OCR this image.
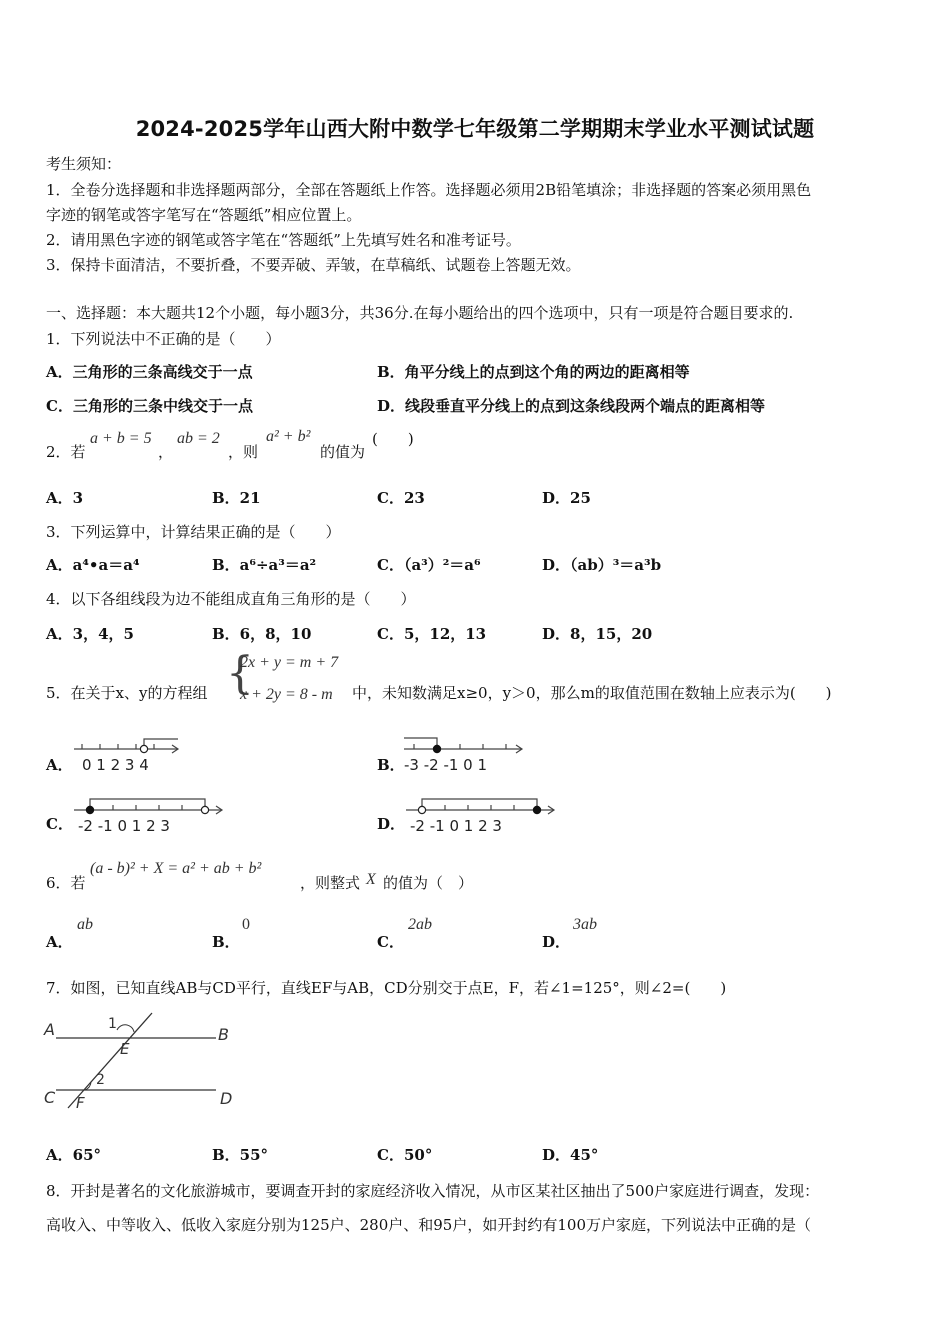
2024-2025学年山西大附中数学七年级第二学期期末学业水平测试试题
考生须知：
1．全卷分选择题和非选择题两部分，全部在答题纸上作答。选择题必须用2B铅笔填涂；非选择题的答案必须用黑色
字迹的钢笔或答字笔写在“答题纸”相应位置上。
2．请用黑色字迹的钢笔或答字笔在“答题纸”上先填写姓名和准考证号。
3．保持卡面清洁，不要折叠，不要弄破、弄皱，在草稿纸、试题卷上答题无效。
一、选择题：本大题共12个小题，每小题3分，共36分.在每小题给出的四个选项中，只有一项是符合题目要求的.
1．下列说法中不正确的是（　　）
A．三角形的三条高线交于一点	B．角平分线上的点到这个角的两边的距离相等
C．三角形的三条中线交于一点	D．线段垂直平分线上的点到这条线段两个端点的距离相等
2．若
a + b = 5
，
ab = 2
，则
a² + b²
的值为
(　　)
A．3	B．21	C．23	D．25
3．下列运算中，计算结果正确的是（　　）
A．a⁴•a＝a⁴	B．a⁶÷a³＝a²	C．（a³）²＝a⁶	D．（ab）³＝a³b
4．以下各组线段为边不能组成直角三角形的是（　　）
A．3，4，5	B．6，8，10	C．5，12，13	D．8，15，20
5．在关于x、y的方程组 {
2x + y = m + 7
x + 2y = 8 - m 中，未知数满足x≥0，y＞0，那么m的取值范围在数轴上应表示为(　　)
A． 0 1 2 3 4	B． -3 -2 -1 0 1
C． -2 -1 0 1 2 3	D． -2 -1 0 1 2 3
6．若
(a - b)² + X = a² + ab + b²
，则整式 X 的值为（　）
A．
ab
B．
0
C．
2ab
D．
3ab
7．如图，已知直线AB与CD平行，直线EF与AB，CD分别交于点E，F，若∠1=125°，则∠2=(　　)
A	B
C	D
E
F
1
2
A．65°	B．55°	C．50°	D．45°
8．开封是著名的文化旅游城市，要调查开封的家庭经济收入情况，从市区某社区抽出了500户家庭进行调查，发现：
高收入、中等收入、低收入家庭分别为125户、280户、和95户，如开封约有100万户家庭，下列说法中正确的是（
